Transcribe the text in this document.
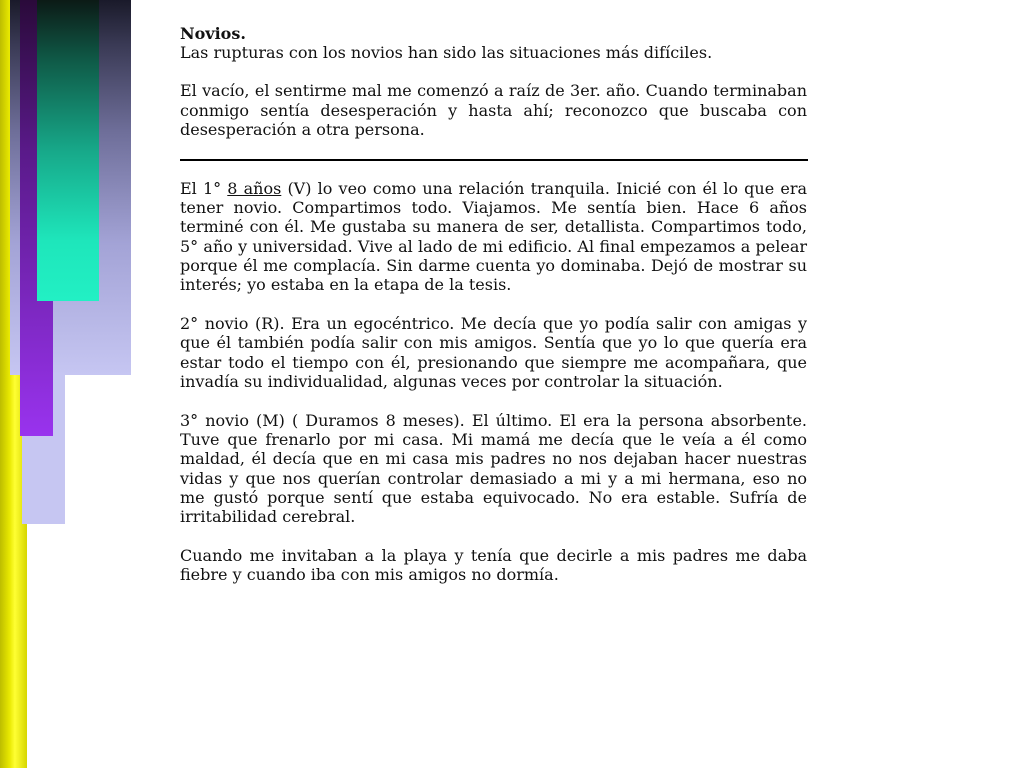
Novios.

Las rupturas con los novios han sido las situaciones más difíciles.

El vacío, el sentirme mal me comenzó a raíz de 3er. año. Cuando terminaban conmigo sentía desesperación y hasta ahí; reconozco que buscaba con desesperación a otra persona.

El 1° 8 años (V) lo veo como una relación tranquila. Inicié con él lo que era tener novio. Compartimos todo. Viajamos. Me sentía bien. Hace 6 años terminé con él. Me gustaba su manera de ser, detallista. Compartimos todo, 5° año y universidad. Vive al lado de mi edificio. Al final empezamos a pelear porque él me complacía. Sin darme cuenta yo dominaba. Dejó de mostrar su interés; yo estaba en la etapa de la tesis.

2° novio (R). Era un egocéntrico. Me decía que yo podía salir con amigas y que él también podía salir con mis amigos. Sentía que yo lo que quería era estar todo el tiempo con él, presionando que siempre me acompañara, que invadía su individualidad, algunas veces por controlar la situación.

3° novio (M) ( Duramos 8 meses). El último. El era la persona absorbente. Tuve que frenarlo por mi casa. Mi mamá me decía que le veía a él como maldad, él decía que en mi casa mis padres no nos dejaban hacer nuestras vidas y que nos querían controlar demasiado a mi y a mi hermana, eso no me gustó porque sentí que estaba equivocado. No era estable. Sufría de irritabilidad cerebral.

Cuando me invitaban a la playa y tenía que decirle a mis padres me daba fiebre y cuando iba con mis amigos no dormía.
